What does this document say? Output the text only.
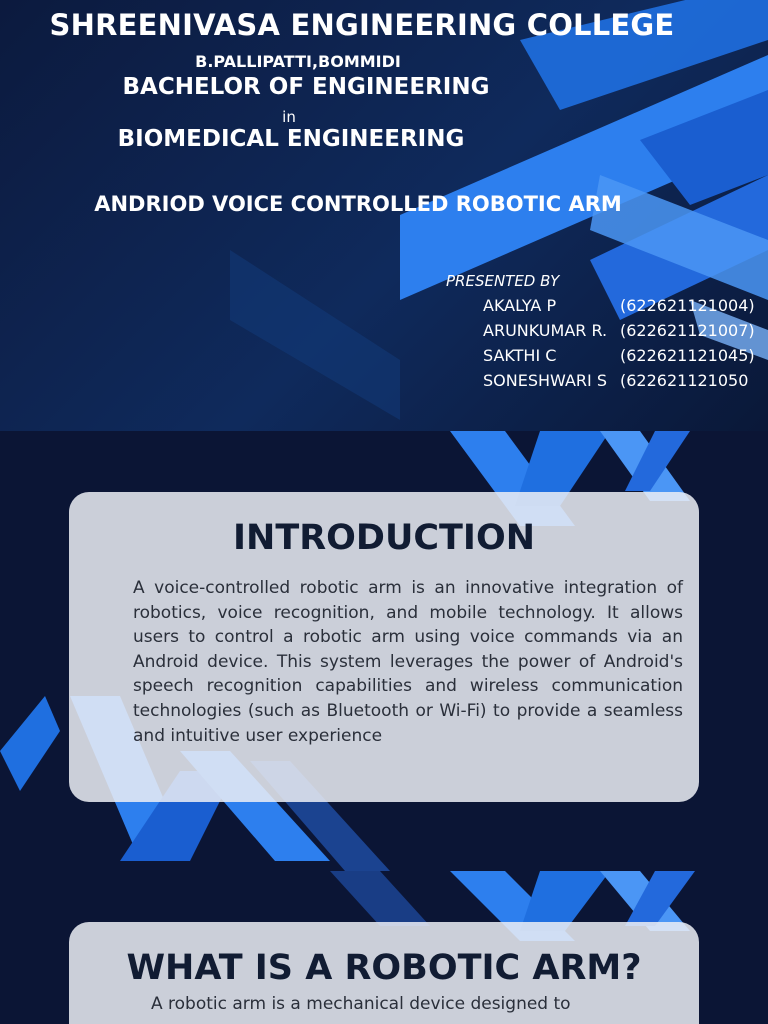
SHREENIVASA ENGINEERING COLLEGE
B.PALLIPATTI,BOMMIDI
BACHELOR OF ENGINEERING
in
BIOMEDICAL ENGINEERING
ANDRIOD VOICE CONTROLLED ROBOTIC ARM
PRESENTED BY
AKALYA P	(622621121004)
ARUNKUMAR R. (622621121007)
SAKTHI C	(622621121045)
SONESHWARI S (622621121050
INTRODUCTION
A voice-controlled robotic arm is an innovative integration of robotics, voice recognition, and mobile technology. It allows users to control a robotic arm using voice commands via an Android device. This system leverages the power of Android's speech recognition capabilities and wireless communication technologies (such as Bluetooth or Wi-Fi) to provide a seamless and intuitive user experience
WHAT IS A ROBOTIC ARM?
A robotic arm is a mechanical device designed to
